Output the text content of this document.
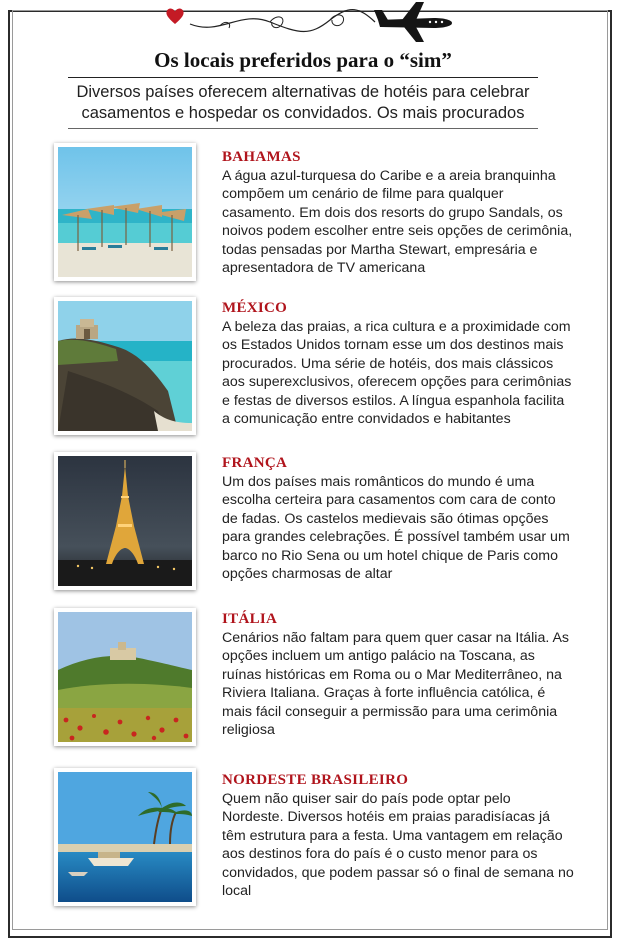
Os locais preferidos para o “sim”

Diversos países oferecem alternativas de hotéis para celebrar casamentos e hospedar os convidados. Os mais procurados

BAHAMAS

A água azul-turquesa do Caribe e a areia branquinha compõem um cenário de filme para qualquer casamento. Em dois dos resorts do grupo Sandals, os noivos podem escolher entre seis opções de cerimônia, todas pensadas por Martha Stewart, empresária e apresentadora de TV americana

MÉXICO

A beleza das praias, a rica cultura e a proximidade com os Estados Unidos tornam esse um dos destinos mais procurados. Uma série de hotéis, dos mais clássicos aos superexclusivos, oferecem opções para cerimônias e festas de diversos estilos. A língua espanhola facilita a comunicação entre convidados e habitantes

FRANÇA

Um dos países mais românticos do mundo é uma escolha certeira para casamentos com cara de conto de fadas. Os castelos medievais são ótimas opções para grandes celebrações. É possível também usar um barco no Rio Sena ou um hotel chique de Paris como opções charmosas de altar

ITÁLIA

Cenários não faltam para quem quer casar na Itália. As opções incluem um antigo palácio na Toscana, as ruínas históricas em Roma ou o Mar Mediterrâneo, na Riviera Italiana. Graças à forte influência católica, é mais fácil conseguir a permissão para uma cerimônia religiosa

NORDESTE BRASILEIRO

Quem não quiser sair do país pode optar pelo Nordeste. Diversos hotéis em praias paradisíacas já têm estrutura para a festa. Uma vantagem em relação aos destinos fora do país é o custo menor para os convidados, que podem passar só o final de semana no local
